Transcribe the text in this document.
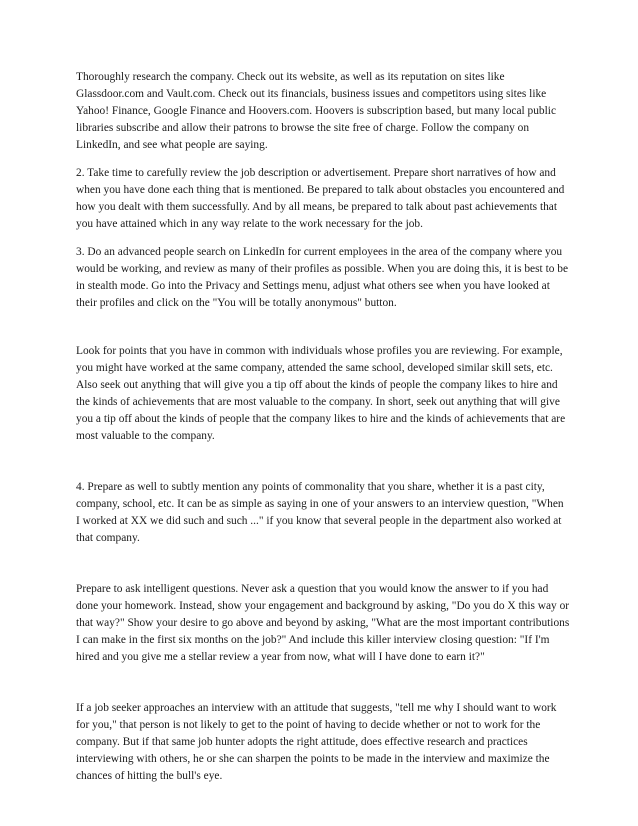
Thoroughly research the company. Check out its website, as well as its reputation on sites like Glassdoor.com and Vault.com. Check out its financials, business issues and competitors using sites like Yahoo! Finance, Google Finance and Hoovers.com. Hoovers is subscription based, but many local public libraries subscribe and allow their patrons to browse the site free of charge. Follow the company on LinkedIn, and see what people are saying.

2. Take time to carefully review the job description or advertisement. Prepare short narratives of how and when you have done each thing that is mentioned. Be prepared to talk about obstacles you encountered and how you dealt with them successfully. And by all means, be prepared to talk about past achievements that you have attained which in any way relate to the work necessary for the job.

3. Do an advanced people search on LinkedIn for current employees in the area of the company where you would be working, and review as many of their profiles as possible. When you are doing this, it is best to be in stealth mode. Go into the Privacy and Settings menu, adjust what others see when you have looked at their profiles and click on the "You will be totally anonymous" button.

Look for points that you have in common with individuals whose profiles you are reviewing. For example, you might have worked at the same company, attended the same school, developed similar skill sets, etc. Also seek out anything that will give you a tip off about the kinds of people the company likes to hire and the kinds of achievements that are most valuable to the company. In short, seek out anything that will give you a tip off about the kinds of people that the company likes to hire and the kinds of achievements that are most valuable to the company.

4. Prepare as well to subtly mention any points of commonality that you share, whether it is a past city, company, school, etc. It can be as simple as saying in one of your answers to an interview question, "When I worked at XX we did such and such ..." if you know that several people in the department also worked at that company.

Prepare to ask intelligent questions. Never ask a question that you would know the answer to if you had done your homework. Instead, show your engagement and background by asking, "Do you do X this way or that way?" Show your desire to go above and beyond by asking, "What are the most important contributions I can make in the first six months on the job?" And include this killer interview closing question: "If I'm hired and you give me a stellar review a year from now, what will I have done to earn it?"

If a job seeker approaches an interview with an attitude that suggests, "tell me why I should want to work for you," that person is not likely to get to the point of having to decide whether or not to work for the company. But if that same job hunter adopts the right attitude, does effective research and practices interviewing with others, he or she can sharpen the points to be made in the interview and maximize the chances of hitting the bull's eye.
